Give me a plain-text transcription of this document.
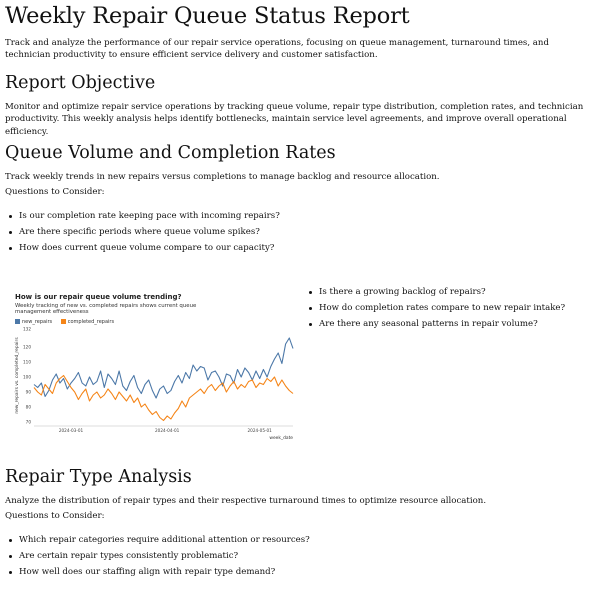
Weekly Repair Queue Status Report

Track and analyze the performance of our repair service operations, focusing on queue management, turnaround times, and technician productivity to ensure efficient service delivery and customer satisfaction.

Report Objective

Monitor and optimize repair service operations by tracking queue volume, repair type distribution, completion rates, and technician productivity. This weekly analysis helps identify bottlenecks, maintain service level agreements, and improve overall operational efficiency.

Queue Volume and Completion Rates

Track weekly trends in new repairs versus completions to manage backlog and resource allocation.

Questions to Consider:

Is our completion rate keeping pace with incoming repairs?
Are there specific periods where queue volume spikes?
How does current queue volume compare to our capacity?
How is our repair queue volume trending?
Weekly tracking of new vs. completed repairs shows current queue management effectiveness
new_repairs	completed_repairs
70
80
90
100
110
120
132
new_repairs vs. completed_repairs
2024-03-01	2024-04-01	2024-05-01
week_date
Is there a growing backlog of repairs?
How do completion rates compare to new repair intake?
Are there any seasonal patterns in repair volume?
Repair Type Analysis

Analyze the distribution of repair types and their respective turnaround times to optimize resource allocation.

Questions to Consider:

Which repair categories require additional attention or resources?
Are certain repair types consistently problematic?
How well does our staffing align with repair type demand?
